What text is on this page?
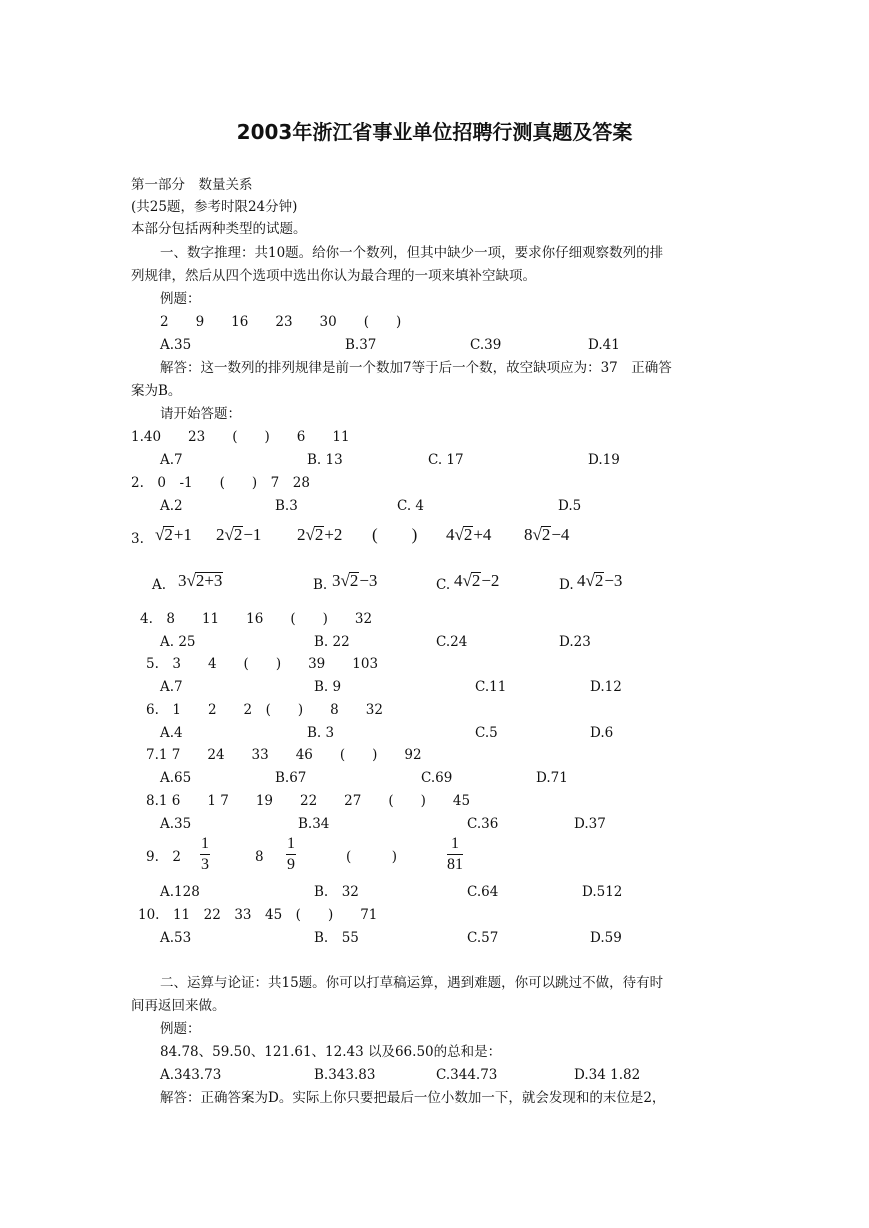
2003年浙江省事业单位招聘行测真题及答案
第一部分　数量关系
(共25题，参考时限24分钟)
本部分包括两种类型的试题。
一、数字推理：共10题。给你一个数列，但其中缺少一项，要求你仔细观察数列的排
列规律，然后从四个选项中选出你认为最合理的一项来填补空缺项。
例题：
2　　9　　16　　23　　30　　(　　)
A.35	B.37	C.39	D.41
解答：这一数列的排列规律是前一个数加7等于后一个数，故空缺项应为：37　正确答
案为B。
请开始答题：
1.40　　23　　(　　)　　6　　11
A.7	B. 13	C. 17	D.19
2.　0　-1　　(　　)　7　28
A.2	B.3	C. 4	D.5
3. √2+1 2√2−1 2√2+2 (　　) 4√2+4 8√2−4
A. 3√2+3	B. 3√2−3	C. 4√2−2	D. 4√2−3
4.　8　　11　　16　　(　　)　　32
A. 25	B. 22	C.24	D.23
5.　3　　4　　(　　)　　39　　103
A.7	B. 9	C.11	D.12
6.　1　　2　　2　(　　)　　8　　32
A.4	B. 3	C.5	D.6
7.1 7　　24　　33　　46　　(　　)　　92
A.65	B.67	C.69	D.71
8.1 6　　1 7　　19　　22　　27　　(　　)　　45
A.35	B.34	C.36	D.37
9.　$2 \frac{1}{3}$	$8 \frac{1}{9}$	(　　　)	$\frac{1}{81}$
A.128	B.　32	C.64	D.512
10.　11　22　33　45　(　　)　　71
A.53	B.　55	C.57	D.59
二、运算与论证：共15题。你可以打草稿运算，遇到难题，你可以跳过不做，待有时
间再返回来做。
例题：
84.78、59.50、121.61、12.43 以及66.50的总和是：
A.343.73	B.343.83	C.344.73	D.34 1.82
解答：正确答案为D。实际上你只要把最后一位小数加一下，就会发现和的末位是2，
